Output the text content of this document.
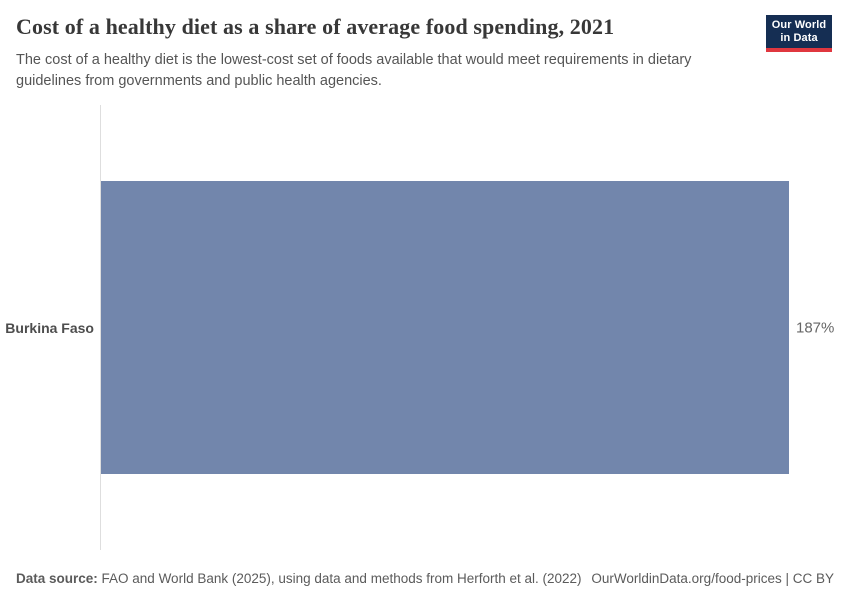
Cost of a healthy diet as a share of average food spending, 2021

The cost of a healthy diet is the lowest-cost set of foods available that would meet requirements in dietary guidelines from governments and public health agencies.

Our World
in Data
Burkina Faso	187%
Data source: FAO and World Bank (2025), using data and methods from Herforth et al. (2022) OurWorldinData.org/food-prices | CC BY
